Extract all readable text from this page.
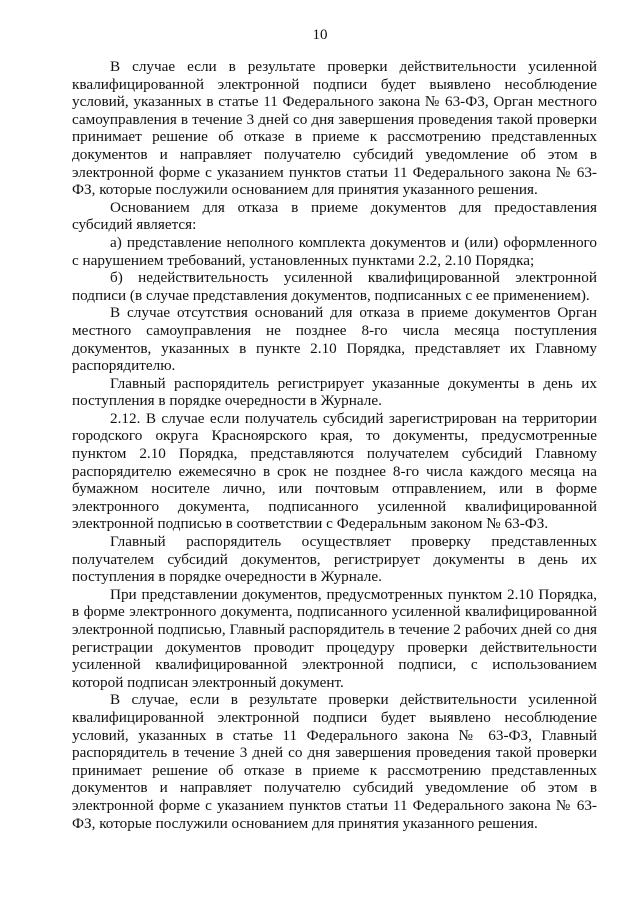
10

В случае если в результате проверки действительности усиленной квалифицированной электронной подписи будет выявлено несоблюдение условий, указанных в статье 11 Федерального закона № 63-ФЗ, Орган местного самоуправления в течение 3 дней со дня завершения проведения такой проверки принимает решение об отказе в приеме к рассмотрению представленных документов и направляет получателю субсидий уведомление об этом в электронной форме с указанием пунктов статьи 11 Федерального закона № 63-ФЗ, которые послужили основанием для принятия указанного решения.

Основанием для отказа в приеме документов для предоставления субсидий является:

а) представление неполного комплекта документов и (или) оформленного с нарушением требований, установленных пунктами 2.2, 2.10 Порядка;

б) недействительность усиленной квалифицированной электронной подписи (в случае представления документов, подписанных с ее применением).

В случае отсутствия оснований для отказа в приеме документов Орган местного самоуправления не позднее 8-го числа месяца поступления документов, указанных в пункте 2.10 Порядка, представляет их Главному распорядителю.

Главный распорядитель регистрирует указанные документы в день их поступления в порядке очередности в Журнале.

2.12. В случае если получатель субсидий зарегистрирован на территории городского округа Красноярского края, то документы, предусмотренные пунктом 2.10 Порядка, представляются получателем субсидий Главному распорядителю ежемесячно в срок не позднее 8-го числа каждого месяца на бумажном носителе лично, или почтовым отправлением, или в форме электронного документа, подписанного усиленной квалифицированной электронной подписью в соответствии с Федеральным законом № 63-ФЗ.

Главный распорядитель осуществляет проверку представленных получателем субсидий документов, регистрирует документы в день их поступления в порядке очередности в Журнале.

При представлении документов, предусмотренных пунктом 2.10 Порядка, в форме электронного документа, подписанного усиленной квалифицированной электронной подписью, Главный распорядитель в течение 2 рабочих дней со дня регистрации документов проводит процедуру проверки действительности усиленной квалифицированной электронной подписи, с использованием которой подписан электронный документ.

В случае, если в результате проверки действительности усиленной квалифицированной электронной подписи будет выявлено несоблюдение условий, указанных в статье 11 Федерального закона № 63-ФЗ, Главный распорядитель в течение 3 дней со дня завершения проведения такой проверки принимает решение об отказе в приеме к рассмотрению представленных документов и направляет получателю субсидий уведомление об этом в электронной форме с указанием пунктов статьи 11 Федерального закона № 63-ФЗ, которые послужили основанием для принятия указанного решения.
